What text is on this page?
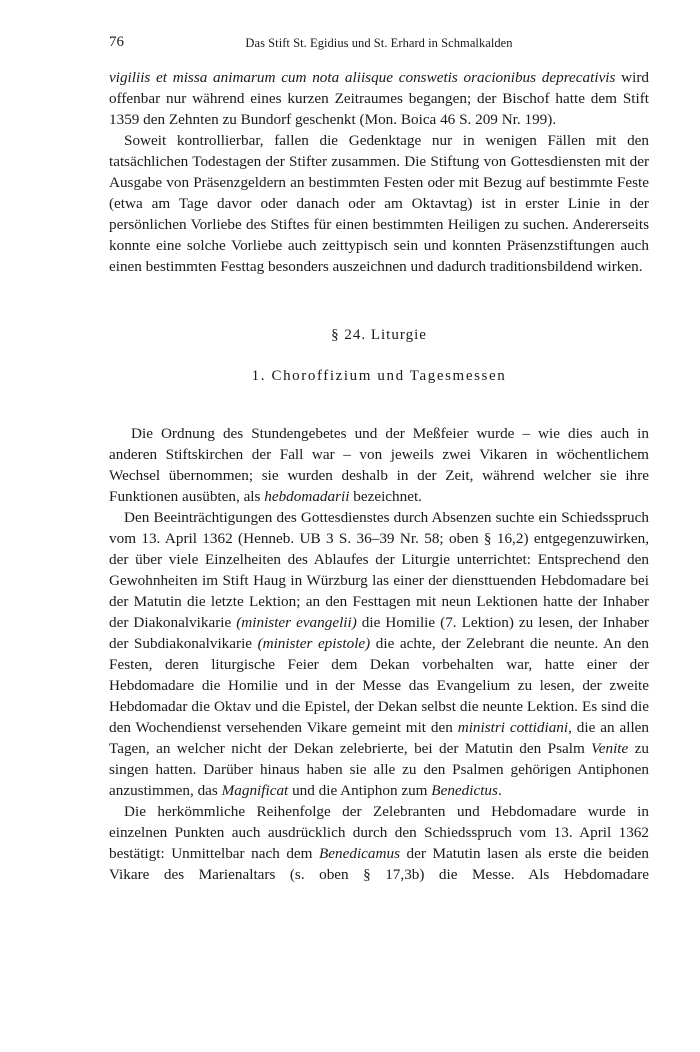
76	Das Stift St. Egidius und St. Erhard in Schmalkalden

vigiliis et missa animarum cum nota aliisque conswetis oracionibus deprecativis wird offenbar nur während eines kurzen Zeitraumes begangen; der Bischof hatte dem Stift 1359 den Zehnten zu Bundorf geschenkt (Mon. Boica 46 S. 209 Nr. 199).

Soweit kontrollierbar, fallen die Gedenktage nur in wenigen Fällen mit den tatsächlichen Todestagen der Stifter zusammen. Die Stiftung von Gottesdiensten mit der Ausgabe von Präsenzgeldern an bestimmten Festen oder mit Bezug auf bestimmte Feste (etwa am Tage davor oder danach oder am Oktavtag) ist in erster Linie in der persönlichen Vorliebe des Stiftes für einen bestimmten Heiligen zu suchen. Andererseits konnte eine solche Vorliebe auch zeittypisch sein und konnten Präsenzstiftungen auch einen bestimmten Festtag besonders auszeichnen und dadurch traditionsbildend wirken.

§ 24. Liturgie

1. Choroffizium und Tagesmessen

Die Ordnung des Stundengebetes und der Meßfeier wurde – wie dies auch in anderen Stiftskirchen der Fall war – von jeweils zwei Vikaren in wöchentlichem Wechsel übernommen; sie wurden deshalb in der Zeit, während welcher sie ihre Funktionen ausübten, als hebdomadarii bezeichnet.

Den Beeinträchtigungen des Gottesdienstes durch Absenzen suchte ein Schiedsspruch vom 13. April 1362 (Henneb. UB 3 S. 36–39 Nr. 58; oben § 16,2) entgegenzuwirken, der über viele Einzelheiten des Ablaufes der Liturgie unterrichtet: Entsprechend den Gewohnheiten im Stift Haug in Würzburg las einer der diensttuenden Hebdomadare bei der Matutin die letzte Lektion; an den Festtagen mit neun Lektionen hatte der Inhaber der Diakonalvikarie (minister evangelii) die Homilie (7. Lektion) zu lesen, der Inhaber der Subdiakonalvikarie (minister epistole) die achte, der Zelebrant die neunte. An den Festen, deren liturgische Feier dem Dekan vorbehalten war, hatte einer der Hebdomadare die Homilie und in der Messe das Evangelium zu lesen, der zweite Hebdomadar die Oktav und die Epistel, der Dekan selbst die neunte Lektion. Es sind die den Wochendienst versehenden Vikare gemeint mit den ministri cottidiani, die an allen Tagen, an welcher nicht der Dekan zelebrierte, bei der Matutin den Psalm Venite zu singen hatten. Darüber hinaus haben sie alle zu den Psalmen gehörigen Antiphonen anzustimmen, das Magnificat und die Antiphon zum Benedictus.

Die herkömmliche Reihenfolge der Zelebranten und Hebdomadare wurde in einzelnen Punkten auch ausdrücklich durch den Schiedsspruch vom 13. April 1362 bestätigt: Unmittelbar nach dem Benedicamus der Matutin lasen als erste die beiden Vikare des Marienaltars (s. oben § 17,3b) die Messe. Als Hebdomadare
